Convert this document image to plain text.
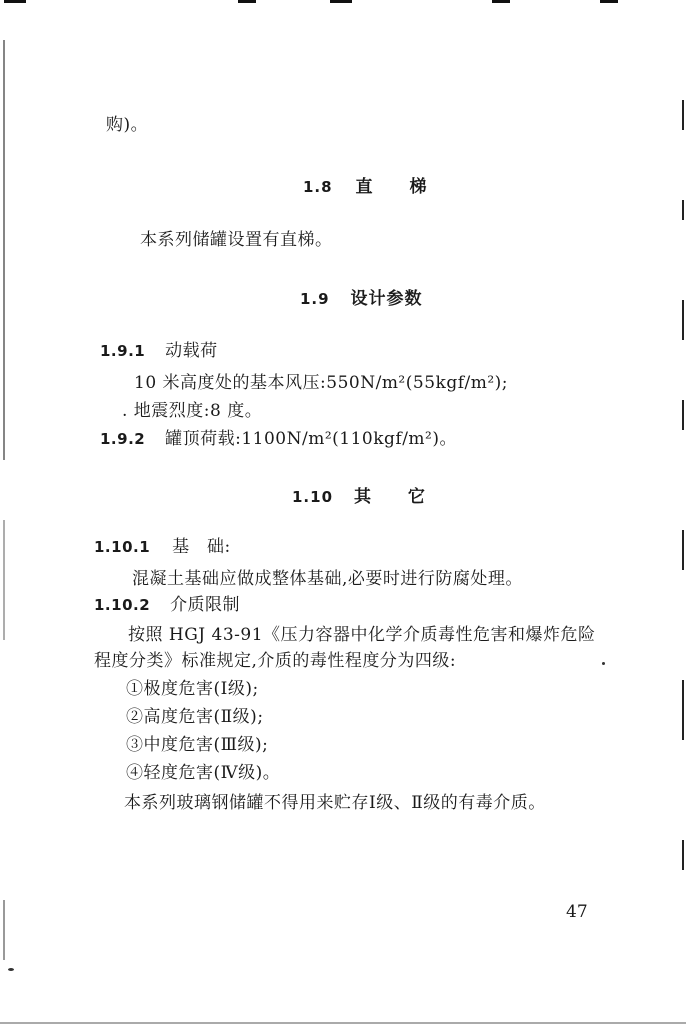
购)。
1.8 直　　梯
本系列储罐设置有直梯。
1.9 设计参数
1.9.1 动载荷
10 米高度处的基本风压:550N/m²(55kgf/m²);
. 地震烈度:8 度。
1.9.2 罐顶荷载:1100N/m²(110kgf/m²)。
1.10 其　　它
1.10.1 基　础:
混凝土基础应做成整体基础,必要时进行防腐处理。
1.10.2 介质限制
按照 HGJ 43-91《压力容器中化学介质毒性危害和爆炸危险
程度分类》标准规定,介质的毒性程度分为四级:
①极度危害(Ⅰ级);
②高度危害(Ⅱ级);
③中度危害(Ⅲ级);
④轻度危害(Ⅳ级)。
本系列玻璃钢储罐不得用来贮存Ⅰ级、Ⅱ级的有毒介质。
47
